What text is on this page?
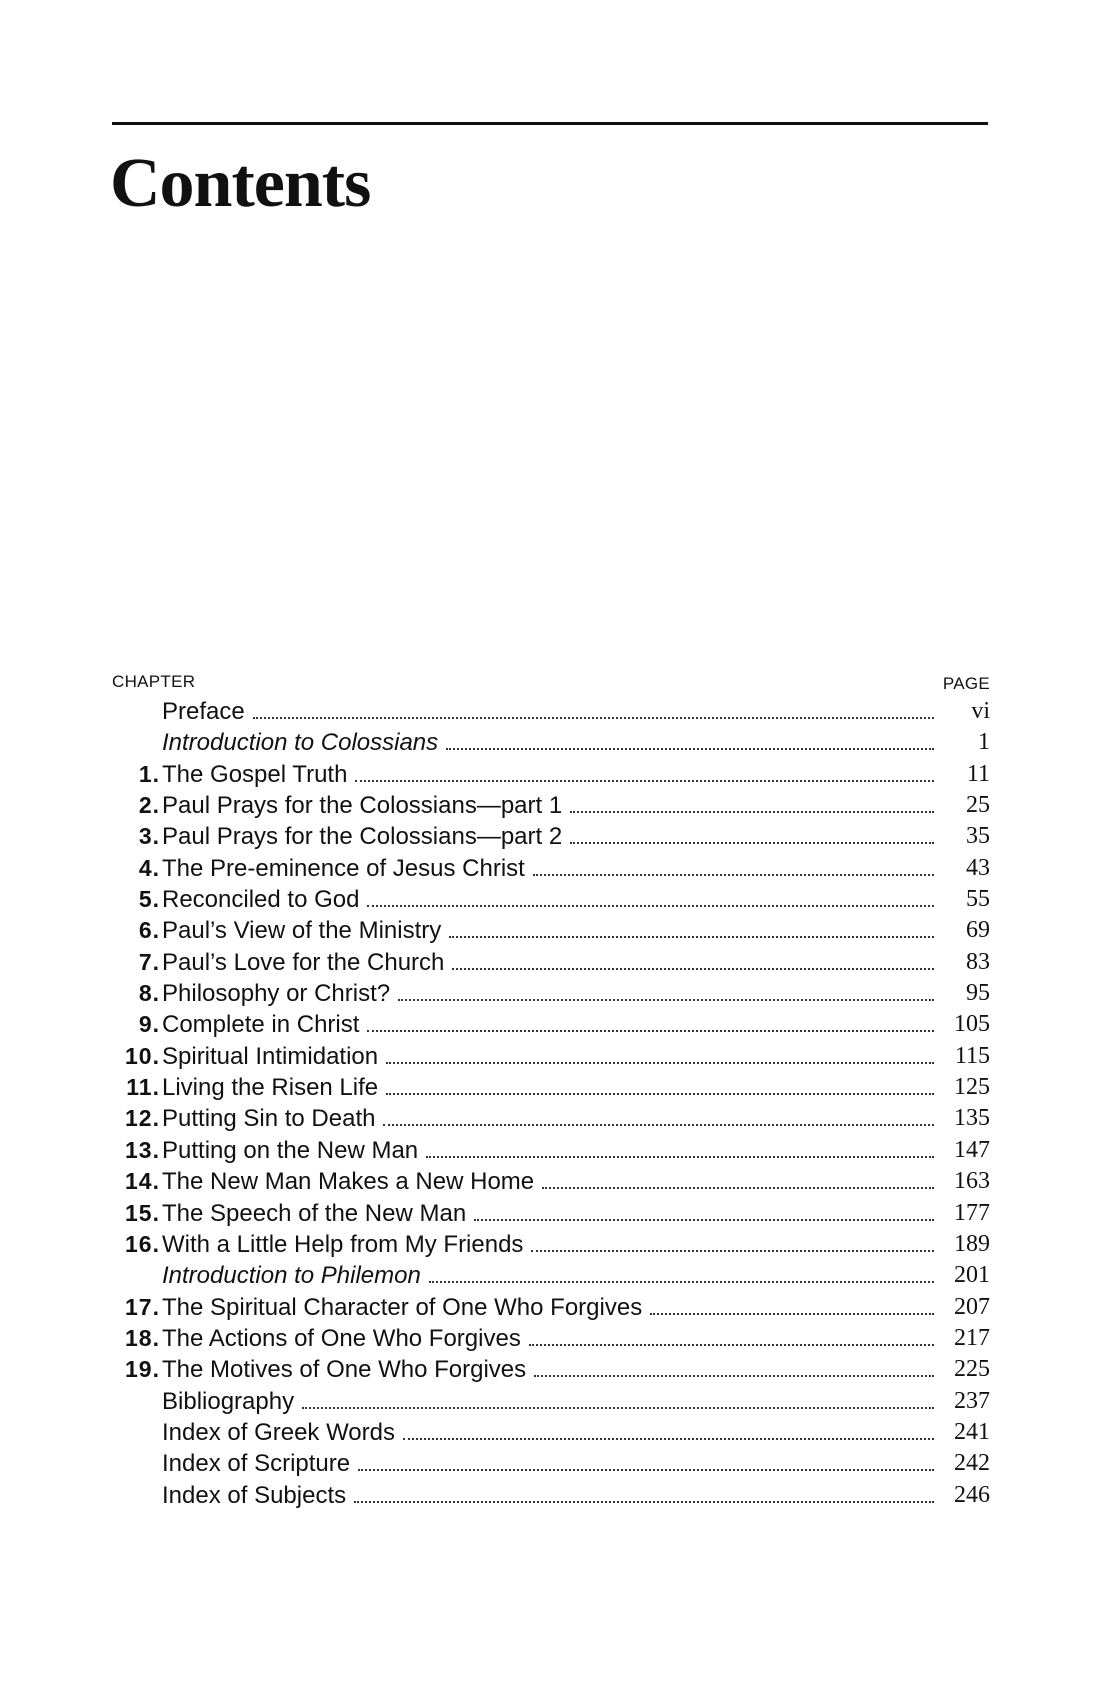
Contents
CHAPTER	PAGE
Preface	vi
Introduction to Colossians	1
1. The Gospel Truth	11
2. Paul Prays for the Colossians—part 1	25
3. Paul Prays for the Colossians—part 2	35
4. The Pre-eminence of Jesus Christ	43
5. Reconciled to God	55
6. Paul’s View of the Ministry	69
7. Paul’s Love for the Church	83
8. Philosophy or Christ?	95
9. Complete in Christ	105
10. Spiritual Intimidation	115
11. Living the Risen Life	125
12. Putting Sin to Death	135
13. Putting on the New Man	147
14. The New Man Makes a New Home	163
15. The Speech of the New Man	177
16. With a Little Help from My Friends	189
Introduction to Philemon	201
17. The Spiritual Character of One Who Forgives	207
18. The Actions of One Who Forgives	217
19. The Motives of One Who Forgives	225
Bibliography	237
Index of Greek Words	241
Index of Scripture	242
Index of Subjects	246
